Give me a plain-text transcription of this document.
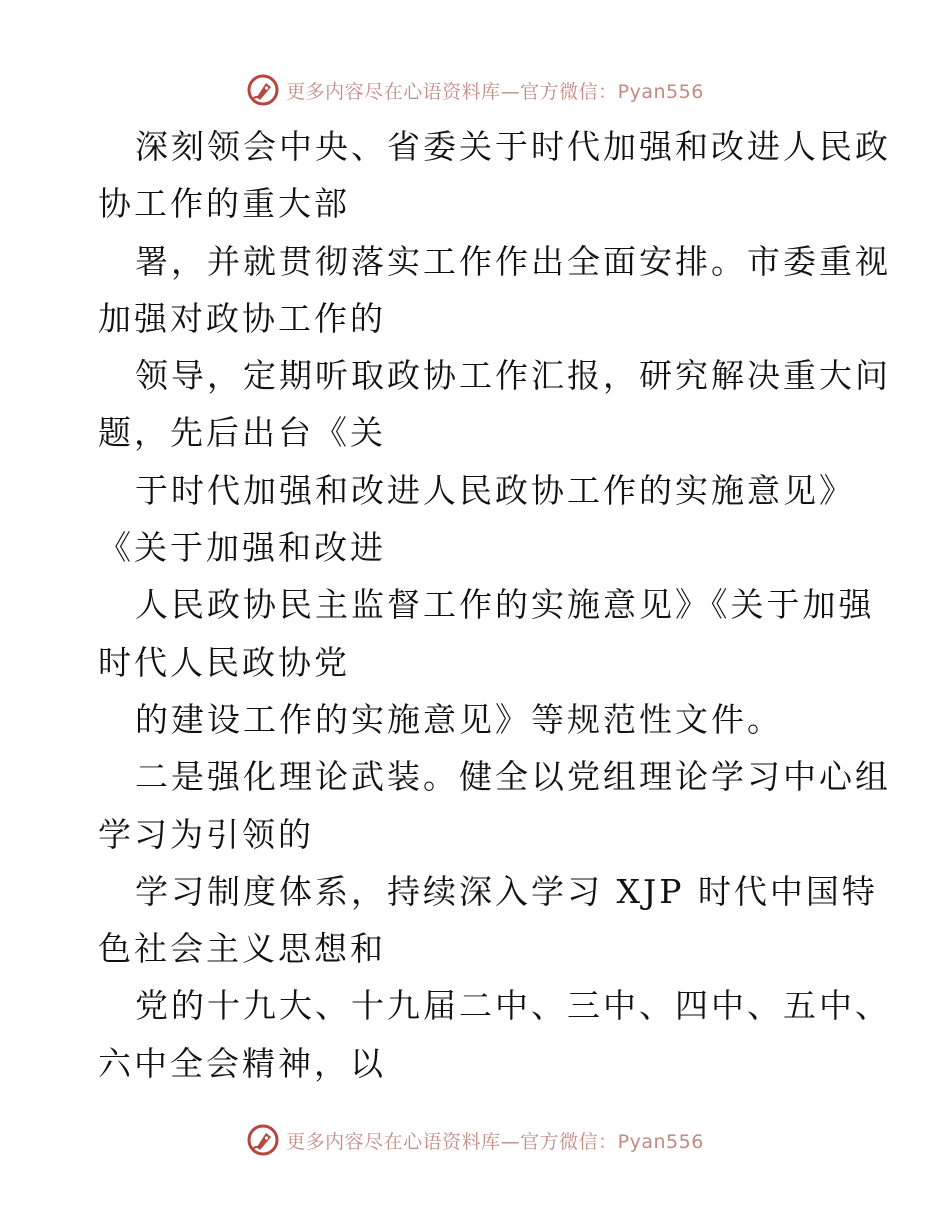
更多内容尽在心语资料库—官方微信：Pyan556
深刻领会中央、省委关于时代加强和改进人民政
协工作的重大部
署，并就贯彻落实工作作出全面安排。市委重视
加强对政协工作的
领导，定期听取政协工作汇报，研究解决重大问
题，先后出台《关
于时代加强和改进人民政协工作的实施意见》
《关于加强和改进
人民政协民主监督工作的实施意见》《关于加强
时代人民政协党
的建设工作的实施意见》等规范性文件。
二是强化理论武装。健全以党组理论学习中心组
学习为引领的
学习制度体系，持续深入学习 XJP 时代中国特
色社会主义思想和
党的十九大、十九届二中、三中、四中、五中、
六中全会精神，以
更多内容尽在心语资料库—官方微信：Pyan556
